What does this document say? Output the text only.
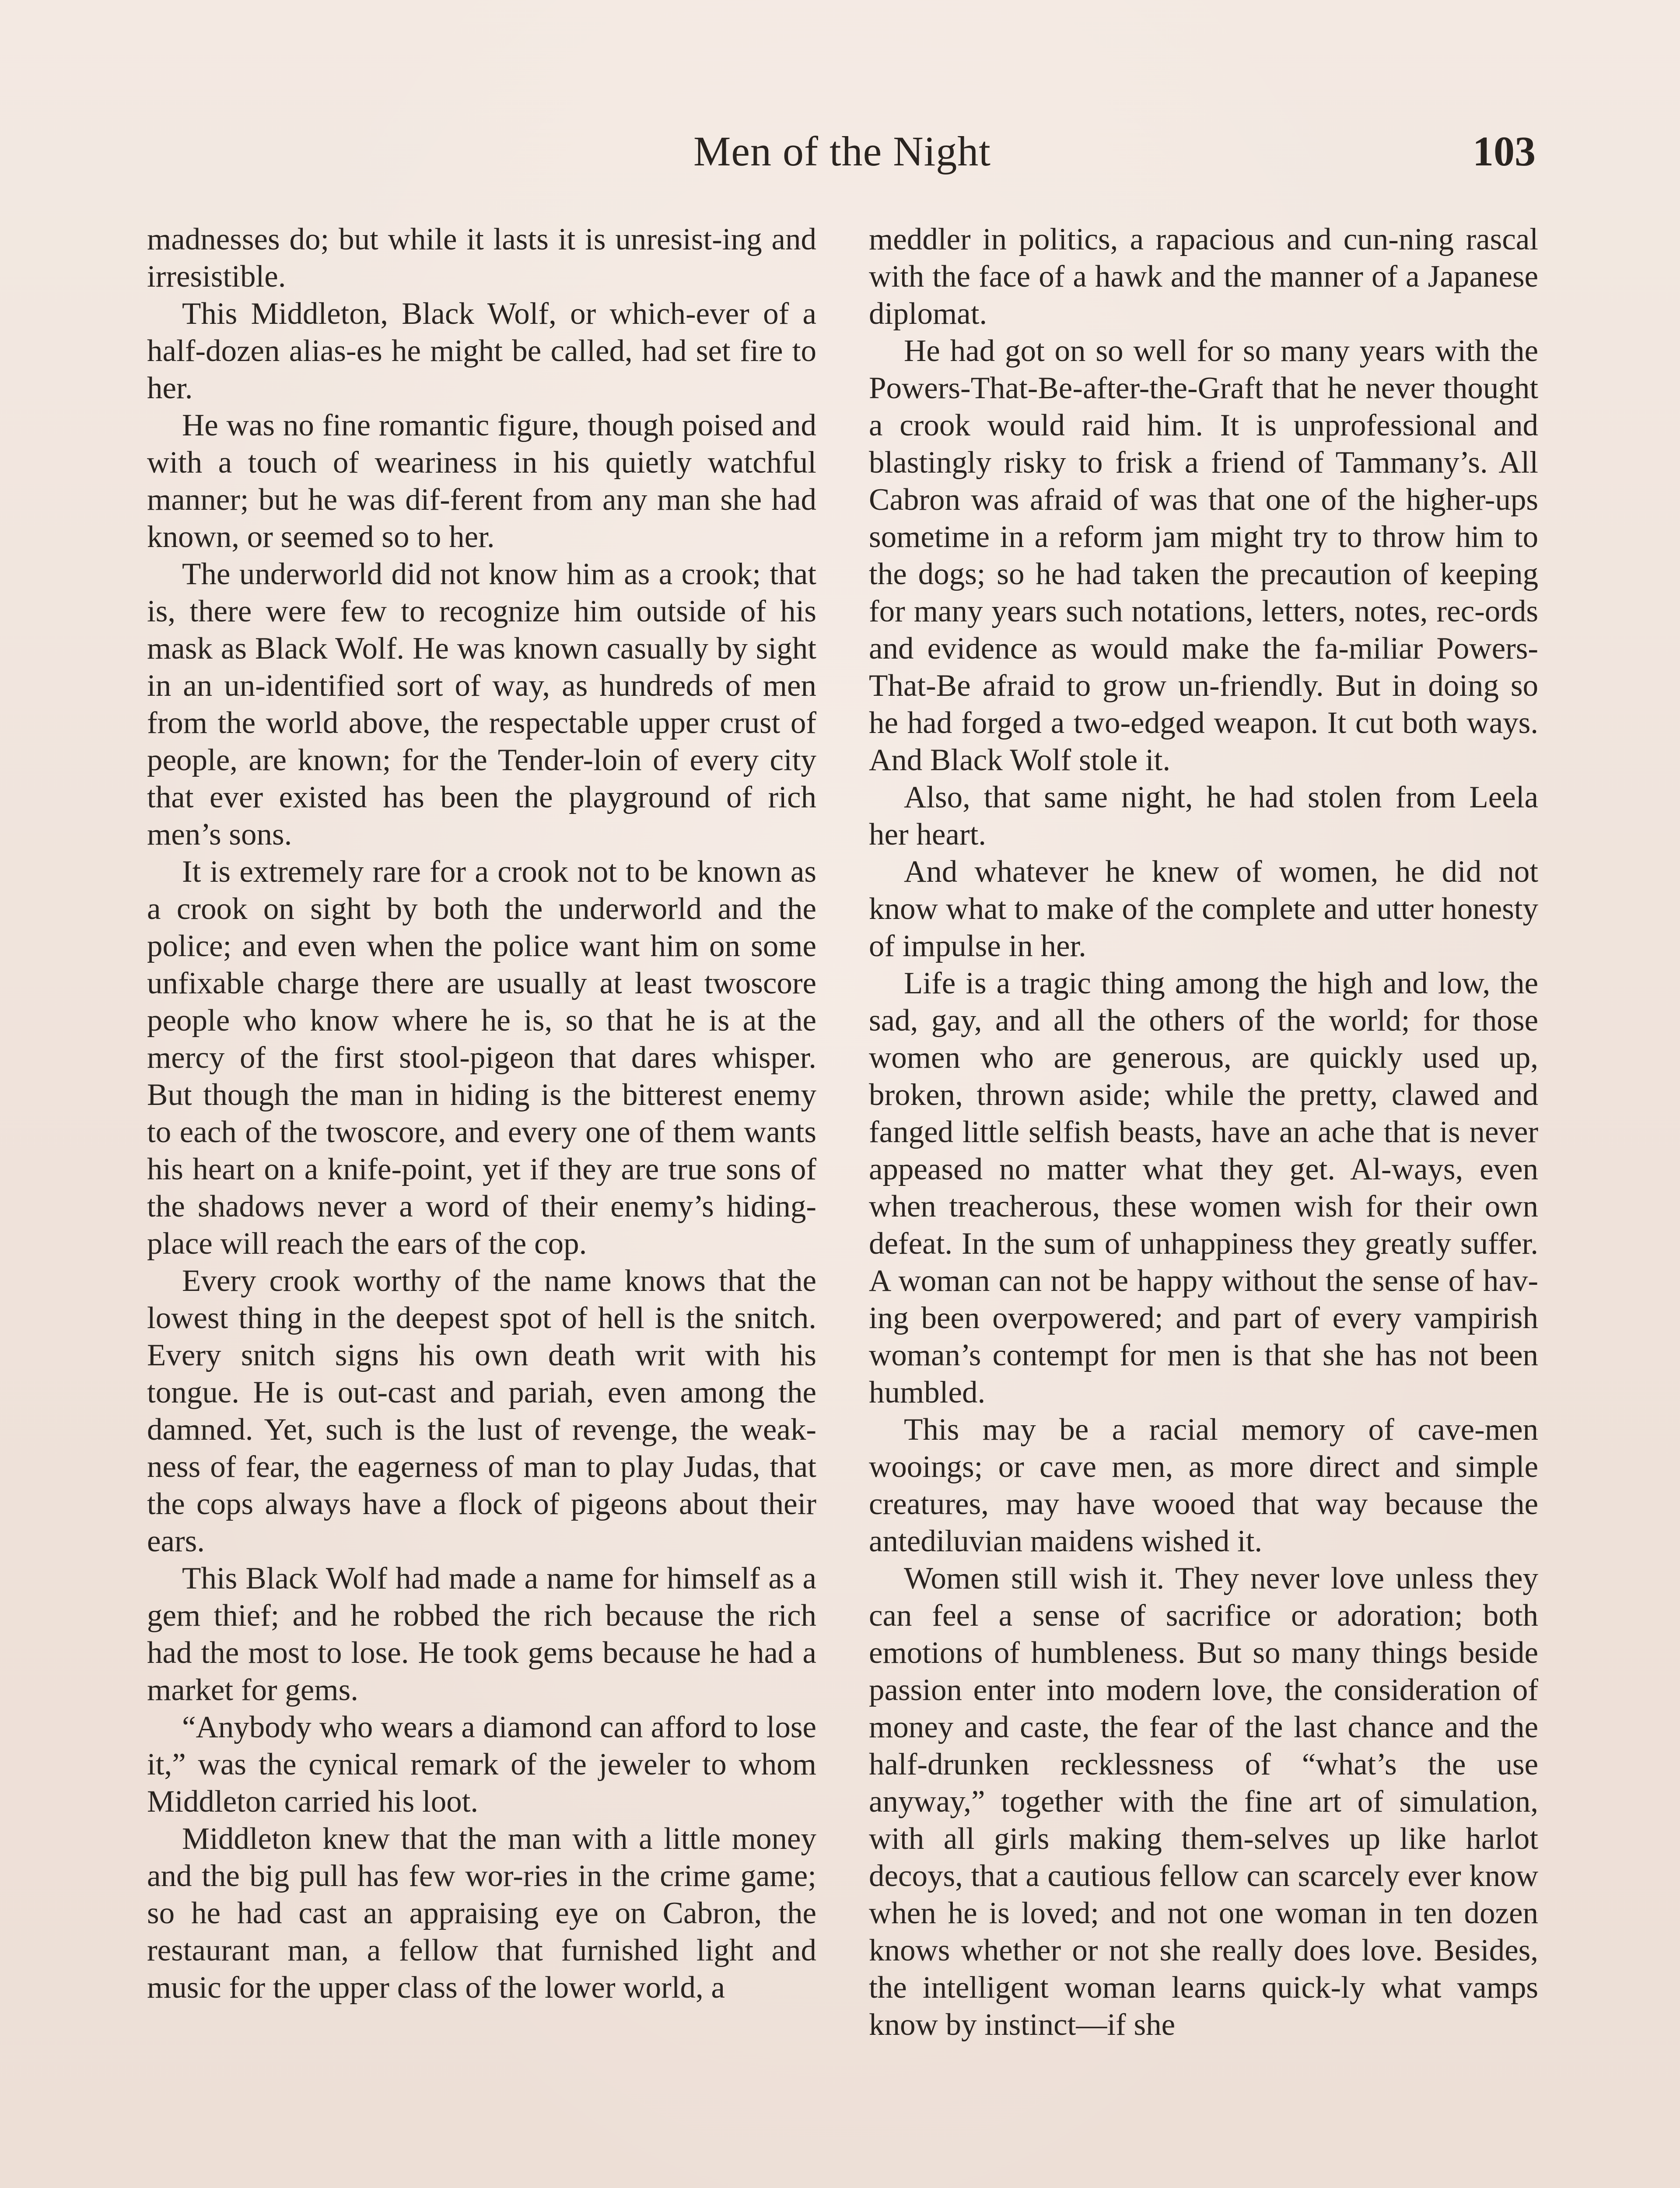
Men of the Night	103

madnesses do; but while it lasts it is unresist-ing and irresistible.

This Middleton, Black Wolf, or which-ever of a half-dozen alias-es he might be called, had set fire to her.

He was no fine romantic figure, though poised and with a touch of weariness in his quietly watchful manner; but he was dif-ferent from any man she had known, or seemed so to her.

The underworld did not know him as a crook; that is, there were few to recognize him outside of his mask as Black Wolf. He was known casually by sight in an un-identified sort of way, as hundreds of men from the world above, the respectable upper crust of people, are known; for the Tender-loin of every city that ever existed has been the playground of rich men’s sons.

It is extremely rare for a crook not to be known as a crook on sight by both the underworld and the police; and even when the police want him on some unfixable charge there are usually at least twoscore people who know where he is, so that he is at the mercy of the first stool-pigeon that dares whisper. But though the man in hiding is the bitterest enemy to each of the twoscore, and every one of them wants his heart on a knife-point, yet if they are true sons of the shadows never a word of their enemy’s hiding-place will reach the ears of the cop.

Every crook worthy of the name knows that the lowest thing in the deepest spot of hell is the snitch. Every snitch signs his own death writ with his tongue. He is out-cast and pariah, even among the damned. Yet, such is the lust of revenge, the weak-ness of fear, the eagerness of man to play Judas, that the cops always have a flock of pigeons about their ears.

This Black Wolf had made a name for himself as a gem thief; and he robbed the rich because the rich had the most to lose. He took gems because he had a market for gems.

“Anybody who wears a diamond can afford to lose it,” was the cynical remark of the jeweler to whom Middleton carried his loot.

Middleton knew that the man with a little money and the big pull has few wor-ries in the crime game; so he had cast an appraising eye on Cabron, the restaurant man, a fellow that furnished light and music for the upper class of the lower world, a

meddler in politics, a rapacious and cun-ning rascal with the face of a hawk and the manner of a Japanese diplomat.

He had got on so well for so many years with the Powers-That-Be-after-the-Graft that he never thought a crook would raid him. It is unprofessional and blastingly risky to frisk a friend of Tammany’s. All Cabron was afraid of was that one of the higher-ups sometime in a reform jam might try to throw him to the dogs; so he had taken the precaution of keeping for many years such notations, letters, notes, rec-ords and evidence as would make the fa-miliar Powers-That-Be afraid to grow un-friendly. But in doing so he had forged a two-edged weapon. It cut both ways. And Black Wolf stole it.

Also, that same night, he had stolen from Leela her heart.

And whatever he knew of women, he did not know what to make of the complete and utter honesty of impulse in her.

Life is a tragic thing among the high and low, the sad, gay, and all the others of the world; for those women who are generous, are quickly used up, broken, thrown aside; while the pretty, clawed and fanged little selfish beasts, have an ache that is never appeased no matter what they get. Al-ways, even when treacherous, these women wish for their own defeat. In the sum of unhappiness they greatly suffer. A woman can not be happy without the sense of hav-ing been overpowered; and part of every vampirish woman’s contempt for men is that she has not been humbled.

This may be a racial memory of cave-men wooings; or cave men, as more direct and simple creatures, may have wooed that way because the antediluvian maidens wished it.

Women still wish it. They never love unless they can feel a sense of sacrifice or adoration; both emotions of humbleness. But so many things beside passion enter into modern love, the consideration of money and caste, the fear of the last chance and the half-drunken recklessness of “what’s the use anyway,” together with the fine art of simulation, with all girls making them-selves up like harlot decoys, that a cautious fellow can scarcely ever know when he is loved; and not one woman in ten dozen knows whether or not she really does love. Besides, the intelligent woman learns quick-ly what vamps know by instinct—if she
